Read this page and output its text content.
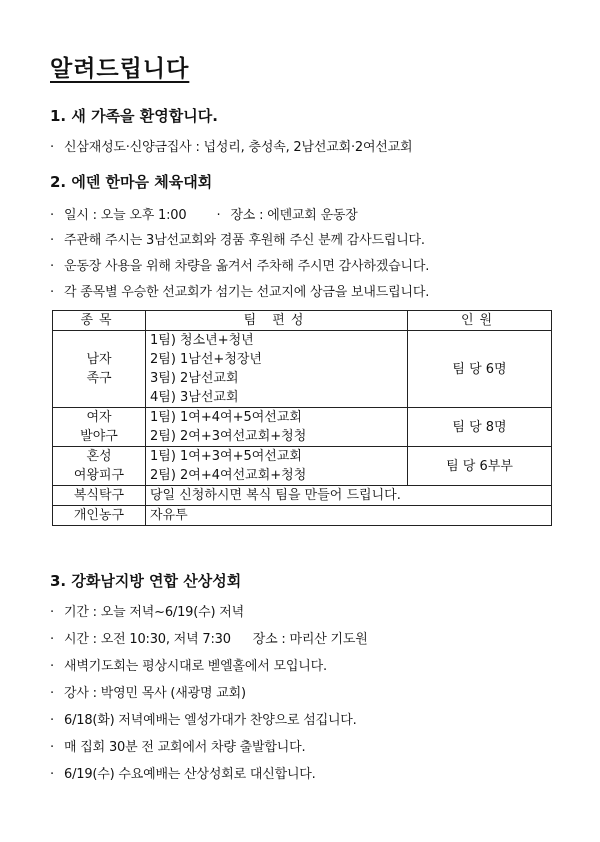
알려드립니다
1. 새 가족을 환영합니다.
· 신삼재성도·신양금집사 : 넙성리, 충성속, 2남선교회·2여선교회
2. 에덴 한마음 체육대회
· 일시 : 오늘 오후 1:00 · 장소 : 에덴교회 운동장
· 주관해 주시는 3남선교회와 경품 후원해 주신 분께 감사드립니다.
· 운동장 사용을 위해 차량을 옮겨서 주차해 주시면 감사하겠습니다.
· 각 종목별 우승한 선교회가 섬기는 선교지에 상금을 보내드립니다.
종목	팀 편성	인원

남자
족구	1팀) 청소년+청년
2팀) 1남선+청장년
3팀) 2남선교회
4팀) 3남선교회	팀 당 6명

여자
발야구	1팀) 1여+4여+5여선교회
2팀) 2여+3여선교회+청청	팀 당 8명

혼성
여왕피구	1팀) 1여+3여+5여선교회
2팀) 2여+4여선교회+청청	팀 당 6부부
복식탁구	당일 신청하시면 복식 팀을 만들어 드립니다.	
개인농구	자유투	
3. 강화남지방 연합 산상성회
· 기간 : 오늘 저녁~6/19(수) 저녁
· 시간 : 오전 10:30, 저녁 7:30 장소 : 마리산 기도원
· 새벽기도회는 평상시대로 벧엘홀에서 모입니다.
· 강사 : 박영민 목사 (새광명 교회)
· 6/18(화) 저녁예배는 엘성가대가 찬양으로 섬깁니다.
· 매 집회 30분 전 교회에서 차량 출발합니다.
· 6/19(수) 수요예배는 산상성회로 대신합니다.
